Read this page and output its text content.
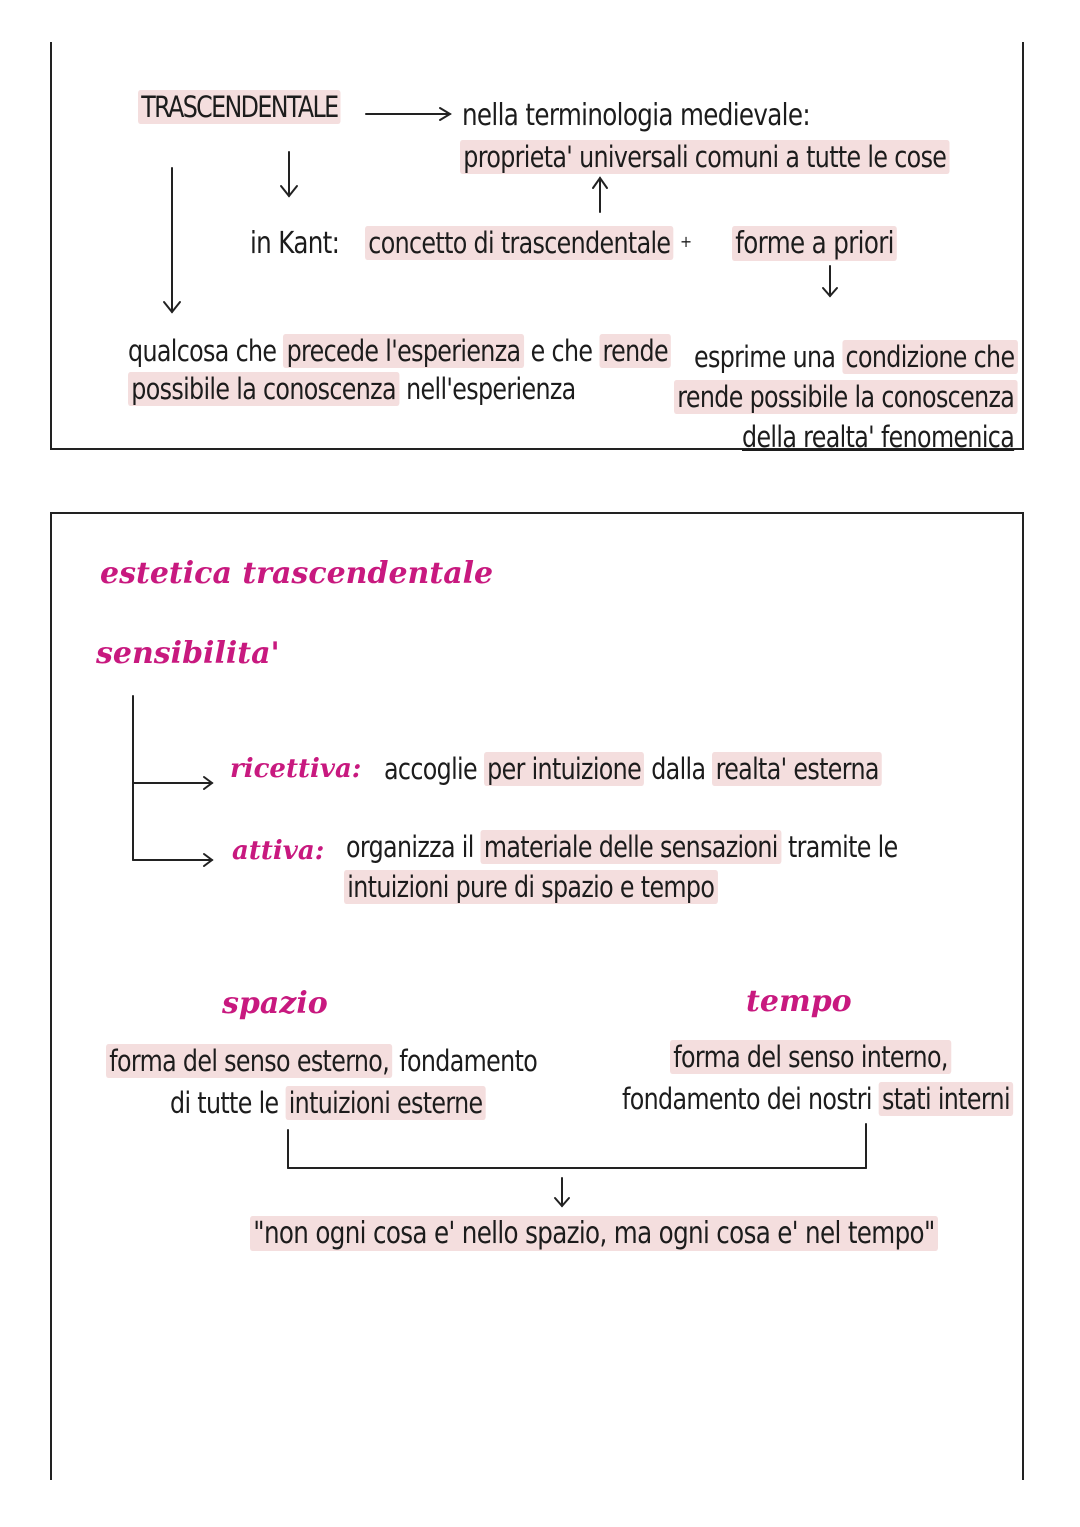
TRASCENDENTALE	nella terminologia medievale:
proprieta' universali comuni a tutte le cose
in Kant: concetto di trascendentale + forme a priori
qualcosa che precede l'esperienza e che rende
possibile la conoscenza nell'esperienza
esprime una condizione che
rende possibile la conoscenza
della realta' fenomenica
estetica trascendentale
sensibilita'
ricettiva: accoglie per intuizione dalla realta' esterna
attiva: organizza il materiale delle sensazioni tramite le
intuizioni pure di spazio e tempo
spazio	tempo
forma del senso esterno, fondamento
di tutte le intuizioni esterne
forma del senso interno,
fondamento dei nostri stati interni
"non ogni cosa e' nello spazio, ma ogni cosa e' nel tempo"
